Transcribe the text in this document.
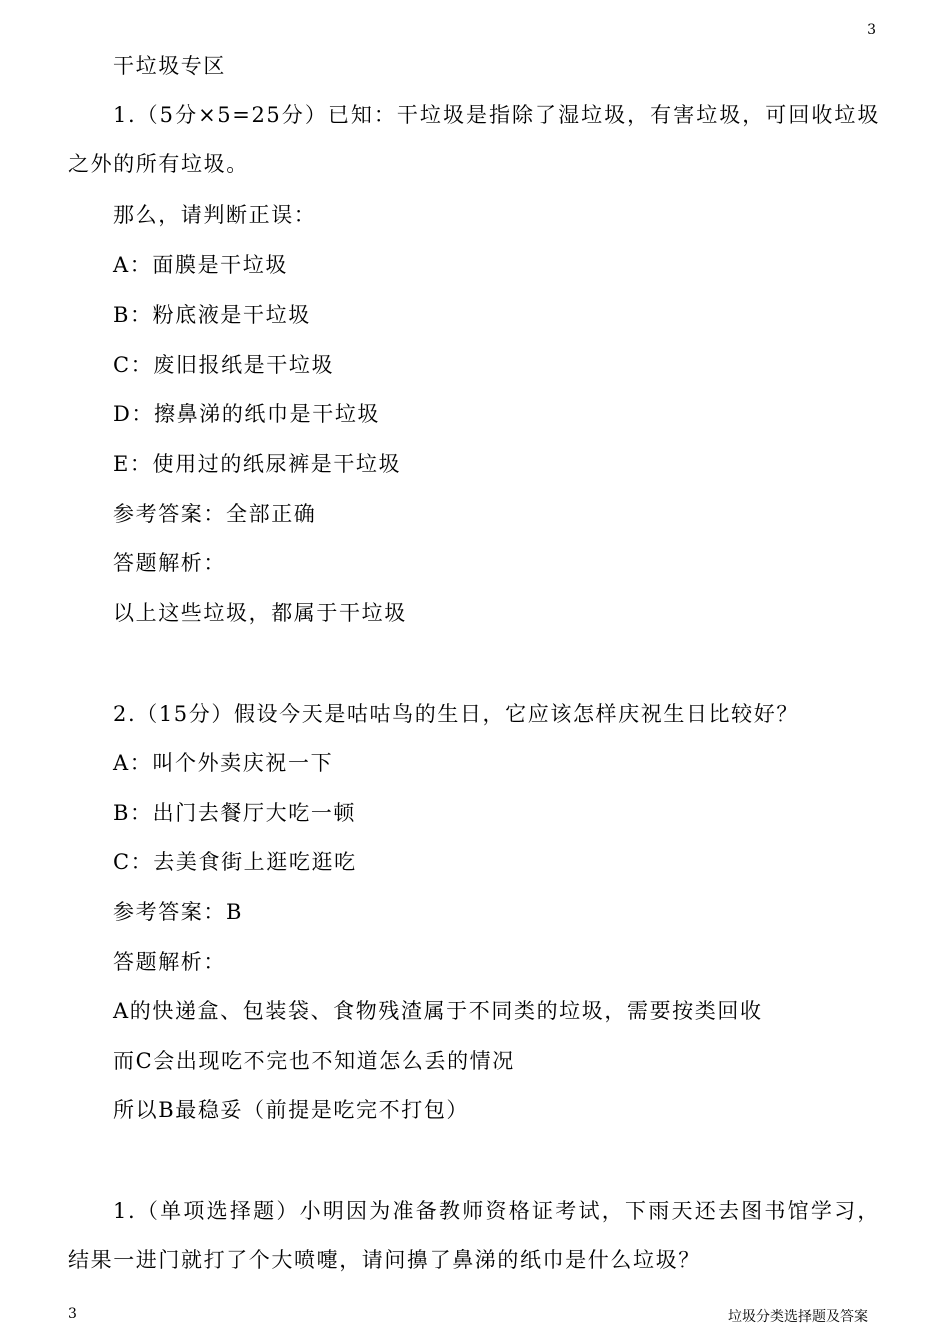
3
干垃圾专区

1.（5分×5=25分）已知：干垃圾是指除了湿垃圾，有害垃圾，可回收垃圾之外的所有垃圾。

那么，请判断正误：
A：面膜是干垃圾
B：粉底液是干垃圾
C：废旧报纸是干垃圾
D：擦鼻涕的纸巾是干垃圾
E：使用过的纸尿裤是干垃圾
参考答案：全部正确
答题解析：
以上这些垃圾，都属于干垃圾
2.（15分）假设今天是咕咕鸟的生日，它应该怎样庆祝生日比较好？
A：叫个外卖庆祝一下
B：出门去餐厅大吃一顿
C：去美食街上逛吃逛吃
参考答案：B
答题解析：
A的快递盒、包装袋、食物残渣属于不同类的垃圾，需要按类回收
而C会出现吃不完也不知道怎么丢的情况
所以B最稳妥（前提是吃完不打包）

1.（单项选择题）小明因为准备教师资格证考试，下雨天还去图书馆学习，结果一进门就打了个大喷嚏，请问擤了鼻涕的纸巾是什么垃圾？

3	垃圾分类选择题及答案
